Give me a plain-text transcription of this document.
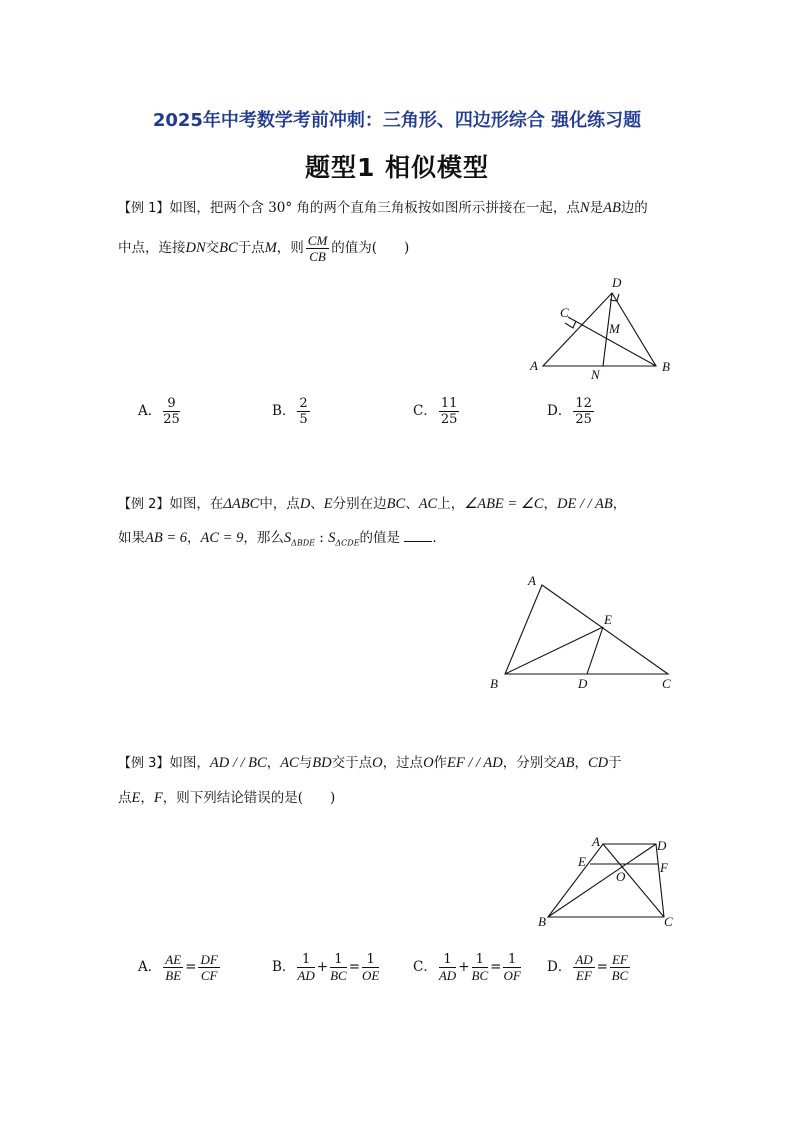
2025年中考数学考前冲刺：三角形、四边形综合 强化练习题
题型1 相似模型
【例 1】如图，把两个含 30° 角的两个直角三角板按如图所示拼接在一起，点N是AB边的
中点，连接DN交BC于点M，则 $\frac{CM}{CB}$ 的值为(　　)
D
C
M
A	B
N
A． $\frac{9}{25}$	B． $\frac{2}{5}$	C． $\frac{11}{25}$	D． $\frac{12}{25}$
【例 2】如图，在ΔABC中，点D、E分别在边BC、AC上，∠ABE = ∠C，DE / / AB，
如果AB = 6，AC = 9，那么$S_{\Delta BDE}$ : $S_{\Delta CDE}$的值是 ．
A
E
B	D	C
【例 3】如图，AD / / BC，AC与BD交于点O，过点O作EF / / AD，分别交AB，CD于
点E，F，则下列结论错误的是(　　)
A	D
E	F
O
B	C
A． $\frac{AE}{BE} = \frac{DF}{CF}$	B． $\frac{1}{AD} + \frac{1}{BC} = \frac{1}{OE}$ C． $\frac{1}{AD} + \frac{1}{BC} = \frac{1}{OF}$ D． $\frac{AD}{EF} = \frac{EF}{BC}$
